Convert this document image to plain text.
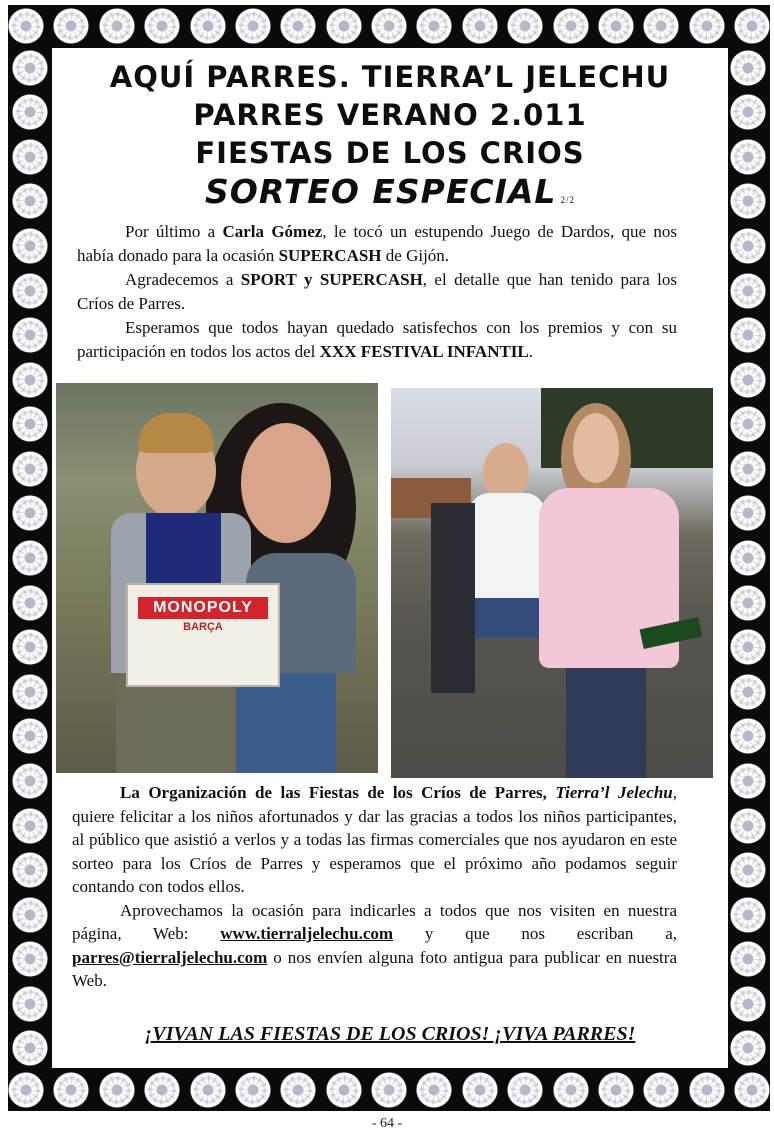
AQUÍ PARRES. TIERRA’L JELECHU
PARRES VERANO 2.011
FIESTAS DE LOS CRIOS
SORTEO ESPECIAL 2/2

Por último a Carla Gómez, le tocó un estupendo Juego de Dardos, que nos había donado para la ocasión SUPERCASH de Gijón.

Agradecemos a SPORT y SUPERCASH, el detalle que han tenido para los Críos de Parres.

Esperamos que todos hayan quedado satisfechos con los premios y con su participación en todos los actos del XXX FESTIVAL INFANTIL.

MONOPOLY
BARÇA

La Organización de las Fiestas de los Críos de Parres, Tierra’l Jelechu, quiere felicitar a los niños afortunados y dar las gracias a todos los niños participantes, al público que asistió a verlos y a todas las firmas comerciales que nos ayudaron en este sorteo para los Críos de Parres y esperamos que el próximo año podamos seguir contando con todos ellos.

Aprovechamos la ocasión para indicarles a todos que nos visiten en nuestra página, Web: www.tierraljelechu.com y que nos escriban a, parres@tierraljelechu.com o nos envíen alguna foto antigua para publicar en nuestra Web.

¡VIVAN LAS FIESTAS DE LOS CRIOS! ¡VIVA PARRES!
- 64 -
